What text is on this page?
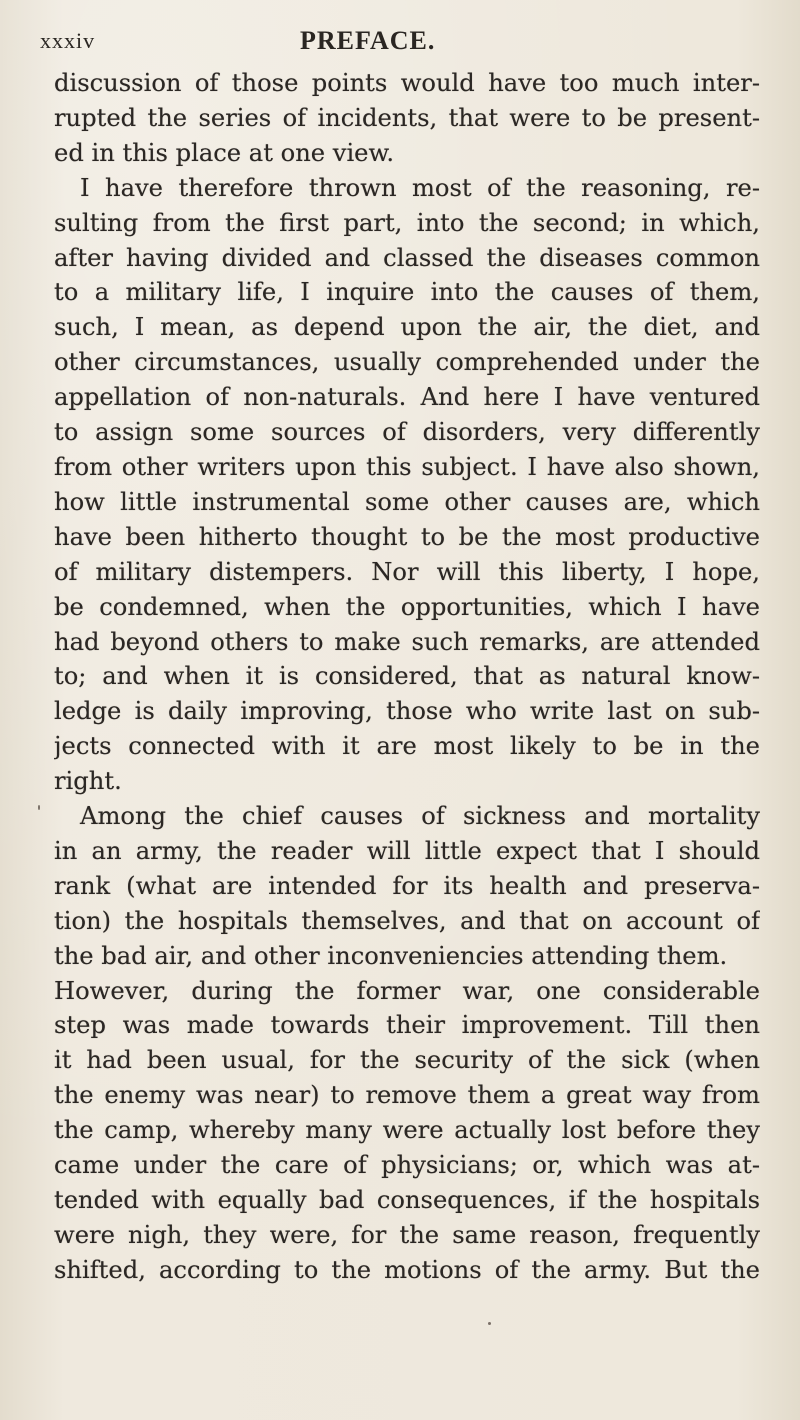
xxxiv	PREFACE.
discussion of those points would have too much inter-
rupted the series of incidents, that were to be present-
ed in this place at one view.
I have therefore thrown most of the reasoning, re-
sulting from the first part, into the second; in which,
after having divided and classed the diseases common
to a military life, I inquire into the causes of them,
such, I mean, as depend upon the air, the diet, and
other circumstances, usually comprehended under the
appellation of non-naturals. And here I have ventured
to assign some sources of disorders, very differently
from other writers upon this subject. I have also shown,
how little instrumental some other causes are, which
have been hitherto thought to be the most productive
of military distempers. Nor will this liberty, I hope,
be condemned, when the opportunities, which I have
had beyond others to make such remarks, are attended
to; and when it is considered, that as natural know-
ledge is daily improving, those who write last on sub-
jects connected with it are most likely to be in the
right.
Among the chief causes of sickness and mortality
in an army, the reader will little expect that I should
rank (what are intended for its health and preserva-
tion) the hospitals themselves, and that on account of
the bad air, and other inconveniencies attending them.
However, during the former war, one considerable
step was made towards their improvement. Till then
it had been usual, for the security of the sick (when
the enemy was near) to remove them a great way from
the camp, whereby many were actually lost before they
came under the care of physicians; or, which was at-
tended with equally bad consequences, if the hospitals
were nigh, they were, for the same reason, frequently
shifted, according to the motions of the army. But the
